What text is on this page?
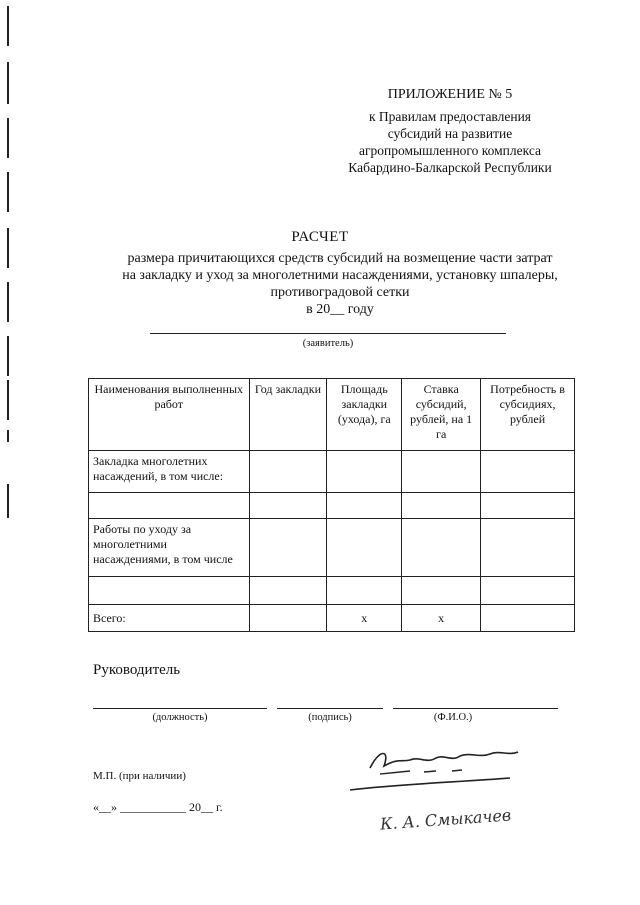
ПРИЛОЖЕНИЕ № 5
к Правилам предоставления
субсидий на развитие
агропромышленного комплекса
Кабардино-Балкарской Республики
РАСЧЕТ
размера причитающихся средств субсидий на возмещение части затрат
на закладку и уход за многолетними насаждениями, установку шпалеры,
противоградовой сетки
в 20__ году
(заявитель)
Наименования выполненных работ	Год закладки	Площадь закладки (ухода), га	Ставка субсидий, рублей, на 1 га	Потребность в субсидиях, рублей
Закладка многолетних насаждений, в том числе:				

Работы по уходу за многолетними насаждениями, в том числе				

Всего:		х	х	
Руководитель
(должность)	(подпись)	(Ф.И.О.)
М.П. (при наличии)
«__» ___________ 20__ г.	К. А. Смыкачев
